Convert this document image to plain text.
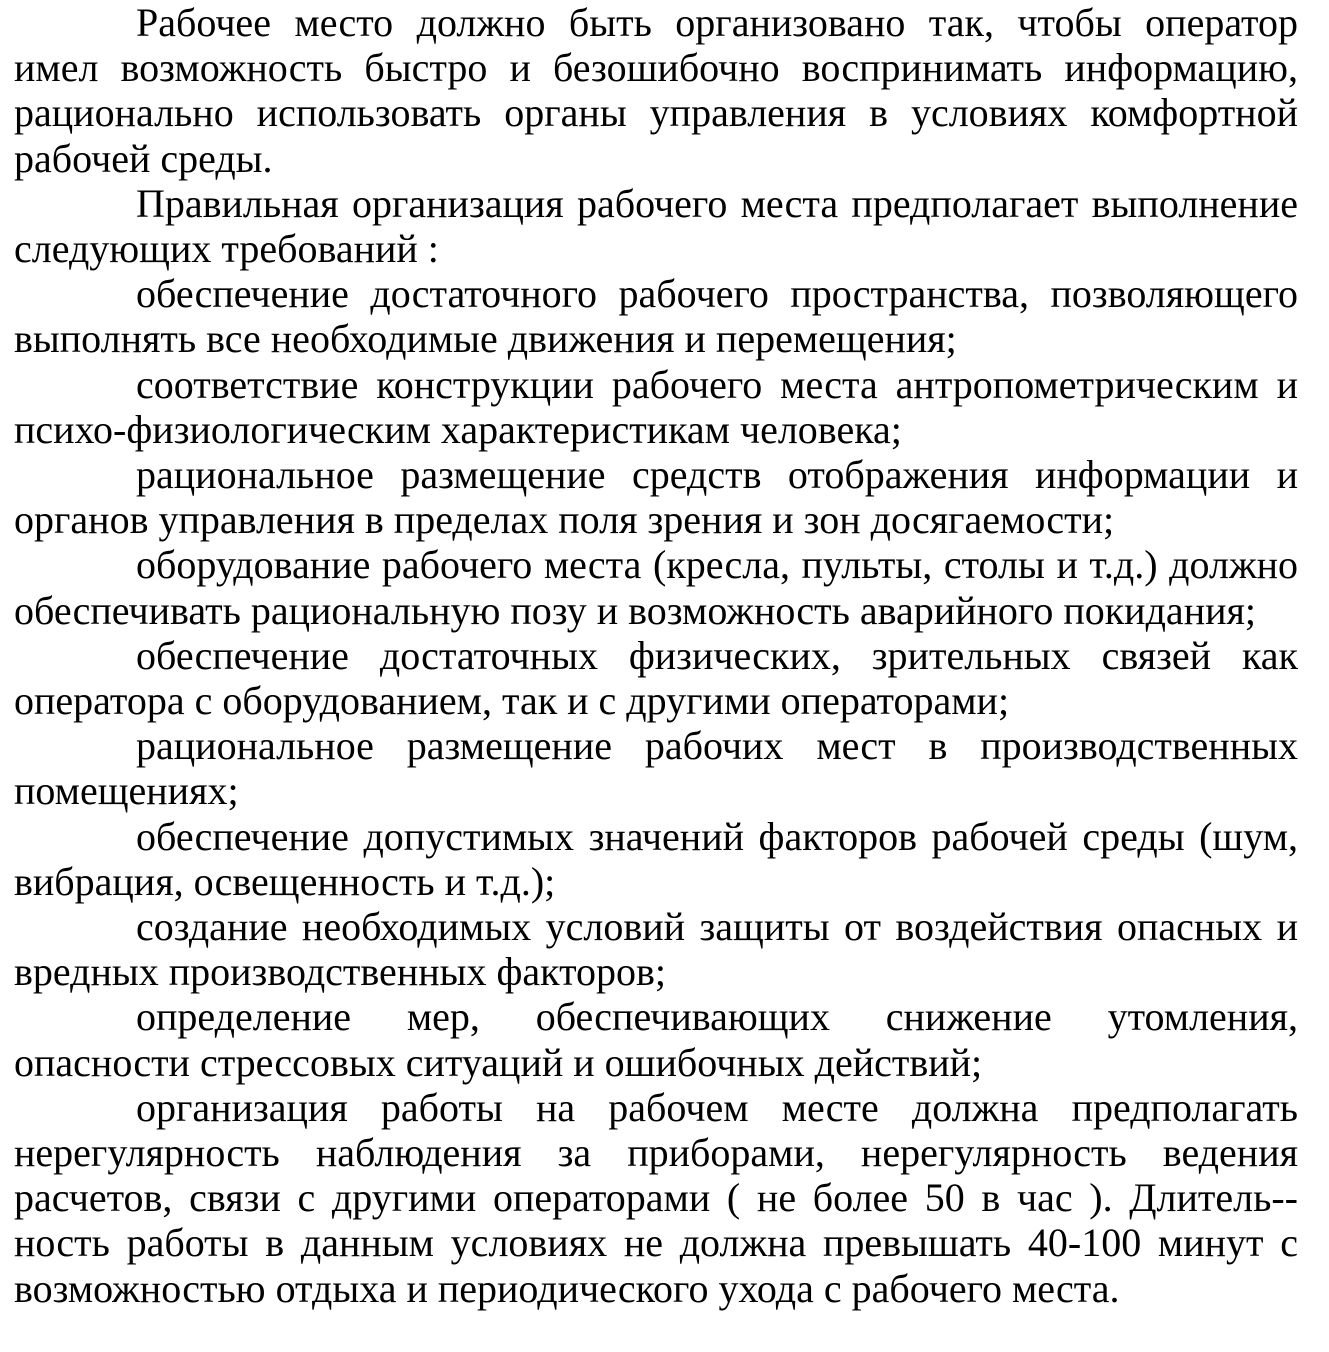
Рабочее место должно быть организовано так, чтобы оператор имел возможность быстро и безошибочно воспринимать информацию, рационально использовать органы управления в условиях комфортной рабочей среды.

Правильная организация рабочего места предполагает выполнение следующих требований :

обеспечение достаточного рабочего пространства, позволяющего выполнять все необходимые движения и перемещения;

соответствие конструкции рабочего места антропометрическим и психо-физиологическим характеристикам человека;

рациональное размещение средств отображения информации и органов управления в пределах поля зрения и зон досягаемости;

оборудование рабочего места (кресла, пульты, столы и т.д.) должно обеспечивать рациональную позу и возможность аварийного покидания;

обеспечение достаточных физических, зрительных связей как оператора с оборудованием, так и с другими операторами;

рациональное размещение рабочих мест в производственных помещениях;

обеспечение допустимых значений факторов рабочей среды (шум, вибрация, освещенность и т.д.);

создание необходимых условий защиты от воздействия опасных и вредных производственных факторов;

определение мер, обеспечивающих снижение утомления, опасности стрессовых ситуаций и ошибочных действий;

организация работы на рабочем месте должна предполагать нерегулярность наблюдения за приборами, нерегулярность ведения расчетов, связи с другими операторами ( не более 50 в час ). Длитель-ность работы в данным условиях не должна превышать 40-100 минут с возможностью отдыха и периодического ухода с рабочего места.
